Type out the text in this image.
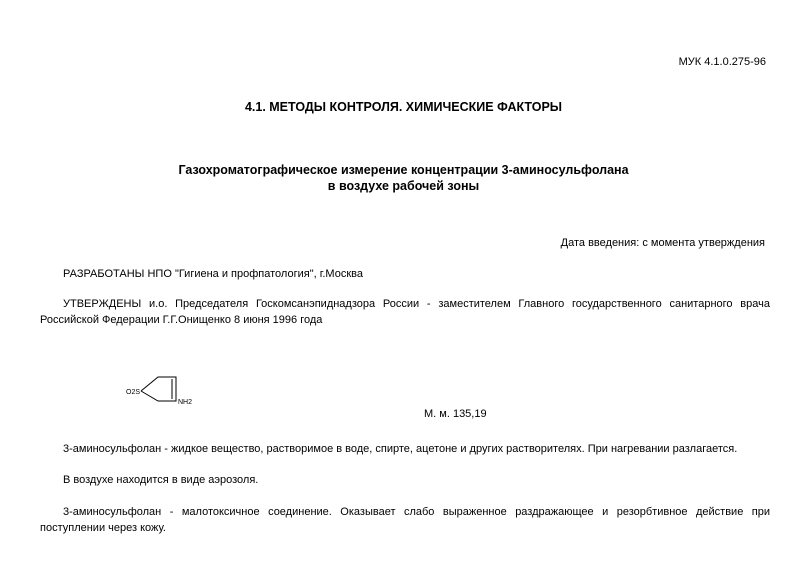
МУК 4.1.0.275-96
4.1. МЕТОДЫ КОНТРОЛЯ. ХИМИЧЕСКИЕ ФАКТОРЫ
Газохроматографическое измерение концентрации 3-аминосульфолана
в воздухе рабочей зоны
Дата введения: с момента утверждения
РАЗРАБОТАНЫ НПО "Гигиена и профпатология", г.Москва
УТВЕРЖДЕНЫ и.о. Председателя Госкомсанэпиднадзора России - заместителем Главного государственного санитарного врача Российской Федерации Г.Г.Онищенко 8 июня 1996 года
O2S
NH2
М. м. 135,19
3-аминосульфолан - жидкое вещество, растворимое в воде, спирте, ацетоне и других растворителях. При нагревании разлагается.
В воздухе находится в виде аэрозоля.
3-аминосульфолан - малотоксичное соединение. Оказывает слабо выраженное раздражающее и резорбтивное действие при поступлении через кожу.
